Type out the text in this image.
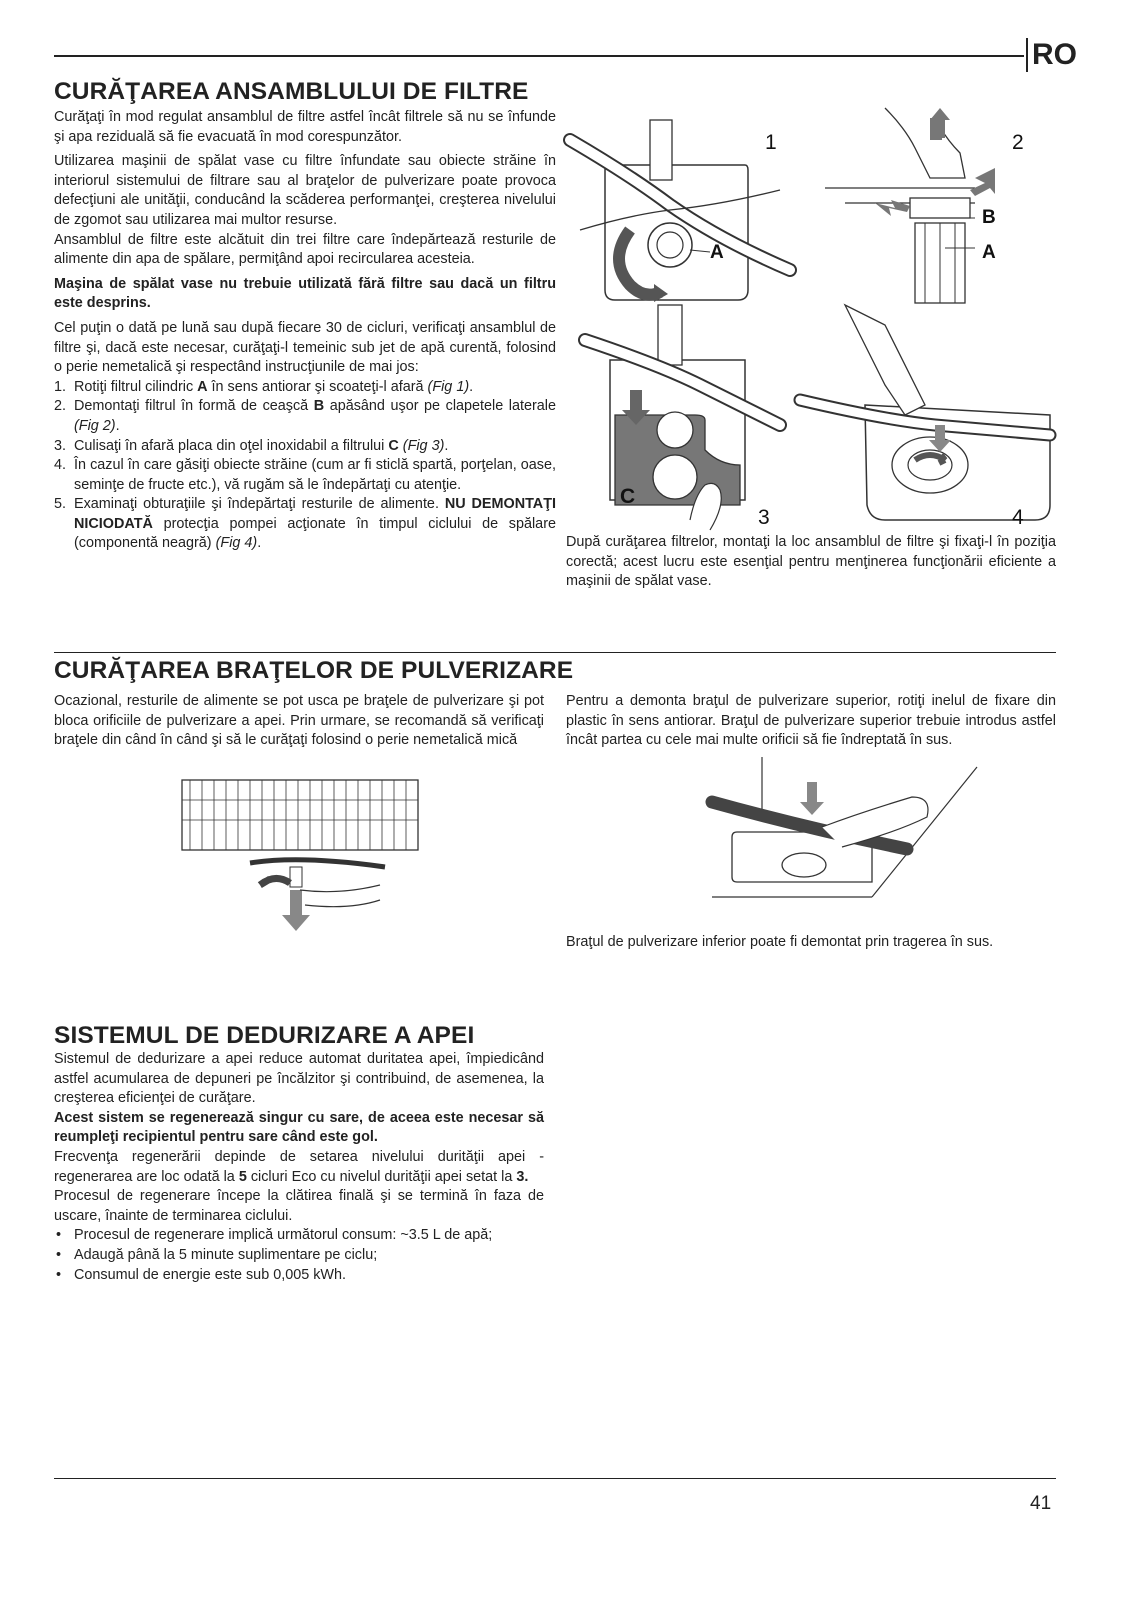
RO
CURĂŢAREA ANSAMBLULUI DE FILTRE

Curăţaţi în mod regulat ansamblul de filtre astfel încât filtrele să nu se înfunde şi apa reziduală să fie evacuată în mod corespunzător.

Utilizarea maşinii de spălat vase cu filtre înfundate sau obiecte străine în interiorul sistemului de filtrare sau al braţelor de pulverizare poate provoca defecţiuni ale unităţii, conducând la scăderea performanţei, creşterea nivelului de zgomot sau utilizarea mai multor resurse.

Ansamblul de filtre este alcătuit din trei filtre care îndepărtează resturile de alimente din apa de spălare, permiţând apoi recircularea acesteia.

Maşina de spălat vase nu trebuie utilizată fără filtre sau dacă un filtru este desprins.

Cel puţin o dată pe lună sau după fiecare 30 de cicluri, verificaţi ansamblul de filtre şi, dacă este necesar, curăţaţi-l temeinic sub jet de apă curentă, folosind o perie nemetalică şi respectând instrucţiunile de mai jos:

1. Rotiţi filtrul cilindric A în sens antiorar şi scoateţi-l afară (Fig 1).
2. Demontaţi filtrul în formă de ceaşcă B apăsând uşor pe clapetele laterale (Fig 2).
3. Culisaţi în afară placa din oţel inoxidabil a filtrului C (Fig 3).
4. În cazul în care găsiţi obiecte străine (cum ar fi sticlă spartă, porţelan, oase, seminţe de fructe etc.), vă rugăm să le îndepărtaţi cu atenţie.
5. Examinaţi obturaţiile şi îndepărtaţi resturile de alimente. NU DEMONTAŢI NICIODATĂ protecţia pompei acţionate în timpul ciclului de spălare (componentă neagră) (Fig 4).
1
A
2
B
A
3
C
4
După curăţarea filtrelor, montaţi la loc ansamblul de filtre şi fixaţi-l în poziţia corectă; acest lucru este esenţial pentru menţinerea funcţionării eficiente a maşinii de spălat vase.
CURĂŢAREA BRAŢELOR DE PULVERIZARE
Ocazional, resturile de alimente se pot usca pe braţele de pulverizare şi pot bloca orificiile de pulverizare a apei. Prin urmare, se recomandă să verificaţi braţele din când în când şi să le curăţaţi folosind o perie nemetalică mică
Pentru a demonta braţul de pulverizare superior, rotiţi inelul de fixare din plastic în sens antiorar. Braţul de pulverizare superior trebuie introdus astfel încât partea cu cele mai multe orificii să fie îndreptată în sus.
Braţul de pulverizare inferior poate fi demontat prin tragerea în sus.
SISTEMUL DE DEDURIZARE A APEI

Sistemul de dedurizare a apei reduce automat duritatea apei, împiedicând astfel acumularea de depuneri pe încălzitor şi contribuind, de asemenea, la creşterea eficienţei de curăţare.

Acest sistem se regenerează singur cu sare, de aceea este necesar să reumpleţi recipientul pentru sare când este gol.

Frecvenţa regenerării depinde de setarea nivelului durităţii apei - regenerarea are loc odată la 5 cicluri Eco cu nivelul durităţii apei setat la 3.

Procesul de regenerare începe la clătirea finală şi se termină în faza de uscare, înainte de terminarea ciclului.

• Procesul de regenerare implică următorul consum: ~3.5 L de apă;
• Adaugă până la 5 minute suplimentare pe ciclu;
• Consumul de energie este sub 0,005 kWh.
41
